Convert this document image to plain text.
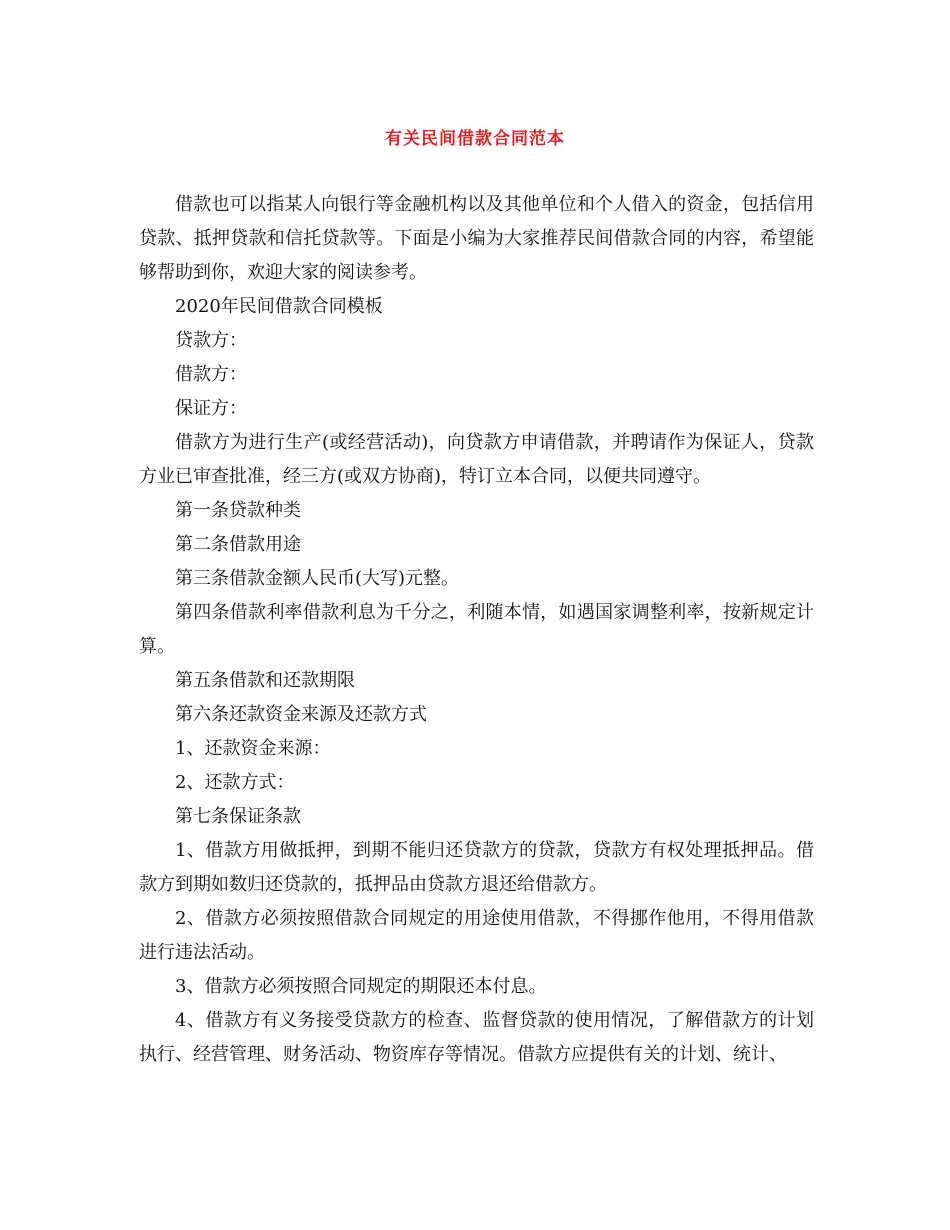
有关民间借款合同范本

借款也可以指某人向银行等金融机构以及其他单位和个人借入的资金，包括信用贷款、抵押贷款和信托贷款等。下面是小编为大家推荐民间借款合同的内容，希望能够帮助到你，欢迎大家的阅读参考。

2020年民间借款合同模板

贷款方：

借款方：

保证方：

借款方为进行生产(或经营活动)，向贷款方申请借款，并聘请作为保证人，贷款方业已审查批准，经三方(或双方协商)，特订立本合同，以便共同遵守。

第一条贷款种类

第二条借款用途

第三条借款金额人民币(大写)元整。

第四条借款利率借款利息为千分之，利随本情，如遇国家调整利率，按新规定计算。

第五条借款和还款期限

第六条还款资金来源及还款方式

1、还款资金来源：

2、还款方式：

第七条保证条款

1、借款方用做抵押，到期不能归还贷款方的贷款，贷款方有权处理抵押品。借款方到期如数归还贷款的，抵押品由贷款方退还给借款方。

2、借款方必须按照借款合同规定的用途使用借款，不得挪作他用，不得用借款进行违法活动。

3、借款方必须按照合同规定的期限还本付息。

4、借款方有义务接受贷款方的检查、监督贷款的使用情况，了解借款方的计划执行、经营管理、财务活动、物资库存等情况。借款方应提供有关的计划、统计、
